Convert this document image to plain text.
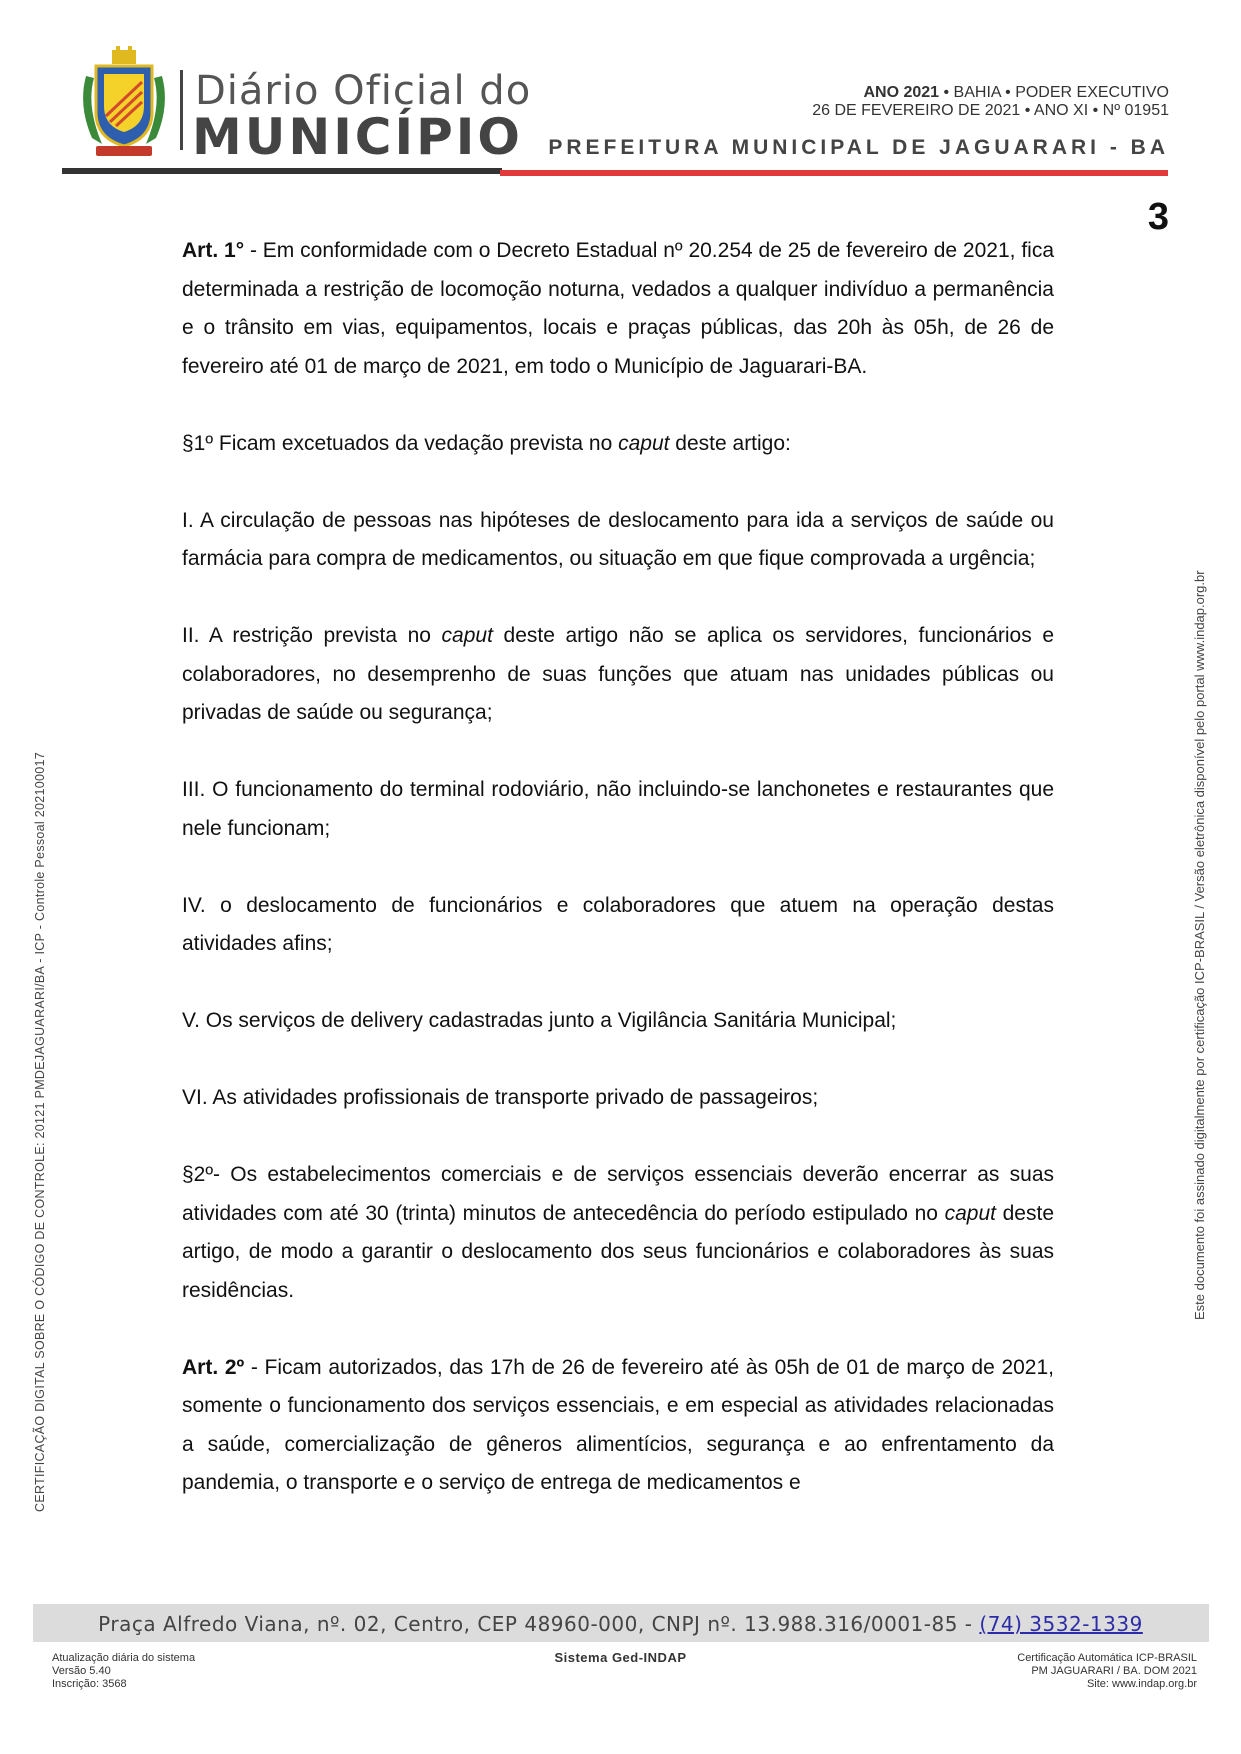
Diário Oficial do
MUNICÍPIO
ANO 2021 • BAHIA • PODER EXECUTIVO
26 DE FEVEREIRO DE 2021 • ANO XI • Nº 01951
PREFEITURA MUNICIPAL DE JAGUARARI - BA
3

Art. 1° - Em conformidade com o Decreto Estadual nº 20.254 de 25 de fevereiro de 2021, fica determinada a restrição de locomoção noturna, vedados a qualquer indivíduo a permanência e o trânsito em vias, equipamentos, locais e praças públicas, das 20h às 05h, de 26 de fevereiro até 01 de março de 2021, em todo o Município de Jaguarari-BA.

§1º Ficam excetuados da vedação prevista no caput deste artigo:

I. A circulação de pessoas nas hipóteses de deslocamento para ida a serviços de saúde ou farmácia para compra de medicamentos, ou situação em que fique comprovada a urgência;

II. A restrição prevista no caput deste artigo não se aplica os servidores, funcionários e colaboradores, no desemprenho de suas funções que atuam nas unidades públicas ou privadas de saúde ou segurança;

III. O funcionamento do terminal rodoviário, não incluindo-se lanchonetes e restaurantes que nele funcionam;

IV. o deslocamento de funcionários e colaboradores que atuem na operação destas atividades afins;

V. Os serviços de delivery cadastradas junto a Vigilância Sanitária Municipal;

VI. As atividades profissionais de transporte privado de passageiros;

§2º- Os estabelecimentos comerciais e de serviços essenciais deverão encerrar as suas atividades com até 30 (trinta) minutos de antecedência do período estipulado no caput deste artigo, de modo a garantir o deslocamento dos seus funcionários e colaboradores às suas residências.

Art. 2º - Ficam autorizados, das 17h de 26 de fevereiro até às 05h de 01 de março de 2021, somente o funcionamento dos serviços essenciais, e em especial as atividades relacionadas a saúde, comercialização de gêneros alimentícios, segurança e ao enfrentamento da pandemia, o transporte e o serviço de entrega de medicamentos e

CERTIFICAÇÃO DIGITAL SOBRE O CÓDIGO DE CONTROLE: 20121 PMDEJAGUARARI/BA - ICP - Controle Pessoal 202100017	Este documento foi assinado digitalmente por certificação ICP-BRASIL / Versão eletrônica disponível pelo portal www.indap.org.br
Praça Alfredo Viana, nº. 02, Centro, CEP 48960-000, CNPJ nº. 13.988.316/0001-85 - (74) 3532-1339
Atualização diária do sistema
Versão 5.40
Inscrição: 3568
Sistema Ged-INDAP	Certificação Automática ICP-BRASIL
PM JAGUARARI / BA. DOM 2021
Site: www.indap.org.br
